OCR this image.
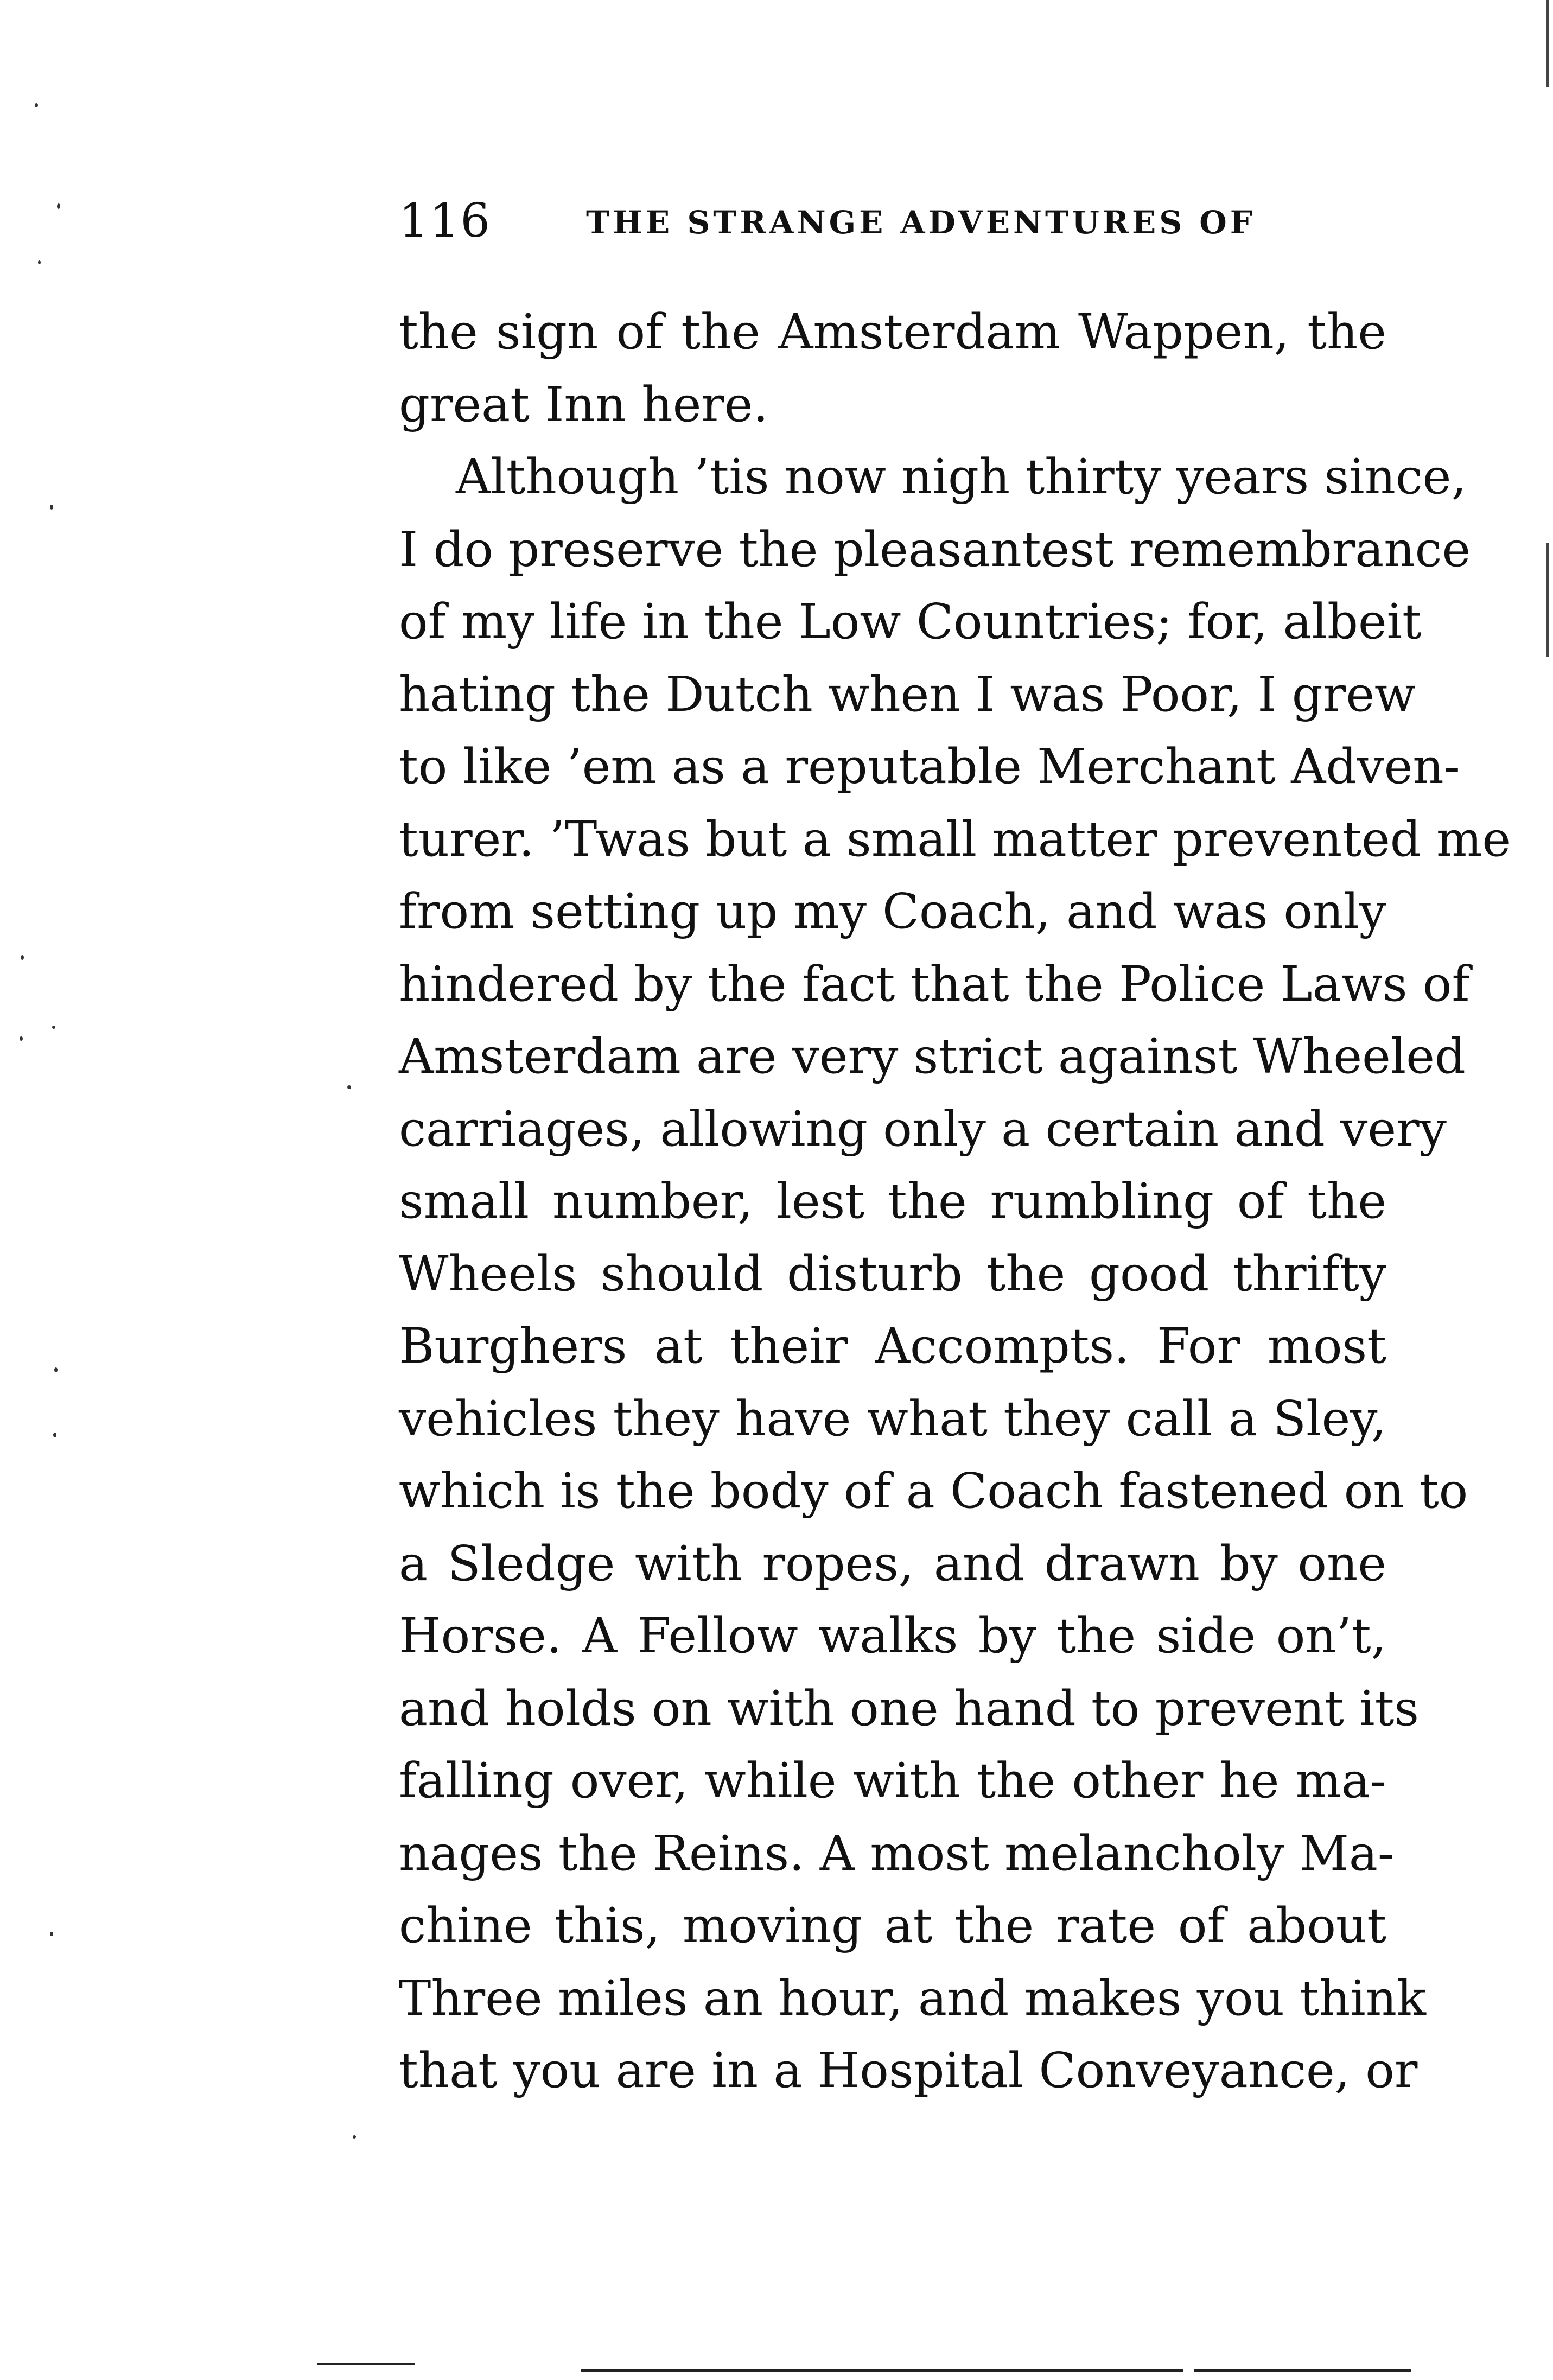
116	THE STRANGE ADVENTURES OF
the sign of the Amsterdam Wappen, the
great Inn here.
Although ’tis now nigh thirty years since,
I do preserve the pleasantest remembrance
of my life in the Low Countries; for, albeit
hating the Dutch when I was Poor, I grew
to like ’em as a reputable Merchant Adven-
turer. ’Twas but a small matter prevented me
from setting up my Coach, and was only
hindered by the fact that the Police Laws of
Amsterdam are very strict against Wheeled
carriages, allowing only a certain and very
small number, lest the rumbling of the
Wheels should disturb the good thrifty
Burghers at their Accompts. For most
vehicles they have what they call a Sley,
which is the body of a Coach fastened on to
a Sledge with ropes, and drawn by one
Horse. A Fellow walks by the side on’t,
and holds on with one hand to prevent its
falling over, while with the other he ma-
nages the Reins. A most melancholy Ma-
chine this, moving at the rate of about
Three miles an hour, and makes you think
that you are in a Hospital Conveyance, or
